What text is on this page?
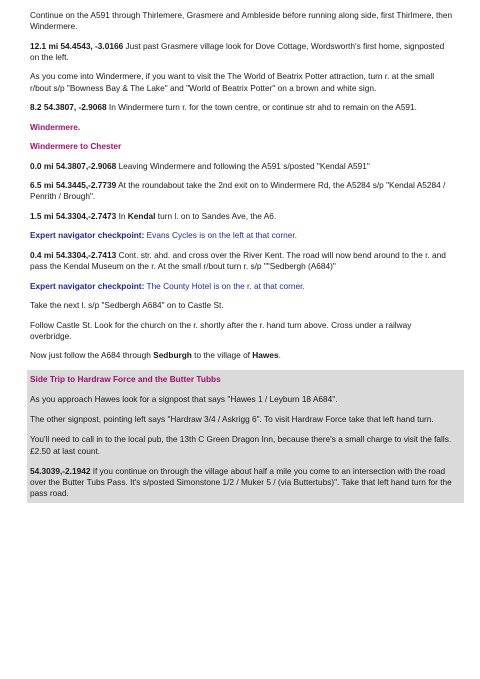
Continue on the A591 through Thirlemere, Grasmere and Ambleside before running along side, first Thirlmere, then Windermere.

12.1 mi 54.4543, -3.0166 Just past Grasmere village look for Dove Cottage, Wordsworth's first home, signposted on the left.

As you come into Windermere, if you want to visit the The World of Beatrix Potter attraction, turn r. at the small r/bout s/p "Bowness Bay & The Lake" and "World of Beatrix Potter" on a brown and white sign.

8.2 54.3807, -2.9068 In Windermere turn r. for the town centre, or continue str ahd to remain on the A591.

Windermere.

Windermere to Chester

0.0 mi 54.3807,-2.9068 Leaving Windermere and following the A591 s/posted "Kendal A591"

6.5 mi 54.3445,-2.7739 At the roundabout take the 2nd exit on to Windermere Rd, the A5284 s/p "Kendal A5284 / Penrith / Brough".

1.5 mi 54.3304,-2.7473 In Kendal turn l. on to Sandes Ave, the A6.

Expert navigator checkpoint: Evans Cycles is on the left at that corner.

0.4 mi 54.3304,-2.7413 Cont. str. ahd. and cross over the River Kent. The road will now bend around to the r. and pass the Kendal Museum on the r. At the small r/bout turn r. s/p ""Sedbergh (A684)"

Expert navigator checkpoint: The County Hotel is on the r. at that corner.

Take the next l. s/p "Sedbergh A684" on to Castle St.

Follow Castle St. Look for the church on the r. shortly after the r. hand turn above. Cross under a railway overbridge.

Now just follow the A684 through Sedburgh to the village of Hawes.

Side Trip to Hardraw Force and the Butter Tubbs

As you approach Hawes look for a signpost that says "Hawes 1 / Leyburn 18 A684".

The other signpost, pointing left says "Hardraw 3/4 / Askrigg 6". To visit Hardraw Force take that left hand turn.

You'll need to call in to the local pub, the 13th C Green Dragon Inn, because there's a small charge to visit the falls. £2.50 at last count.

54.3039,-2.1942 If you continue on through the village about half a mile you come to an intersection with the road over the Butter Tubs Pass. It's s/posted Simonstone 1/2 / Muker 5 / (via Buttertubs)". Take that left hand turn for the pass road.
